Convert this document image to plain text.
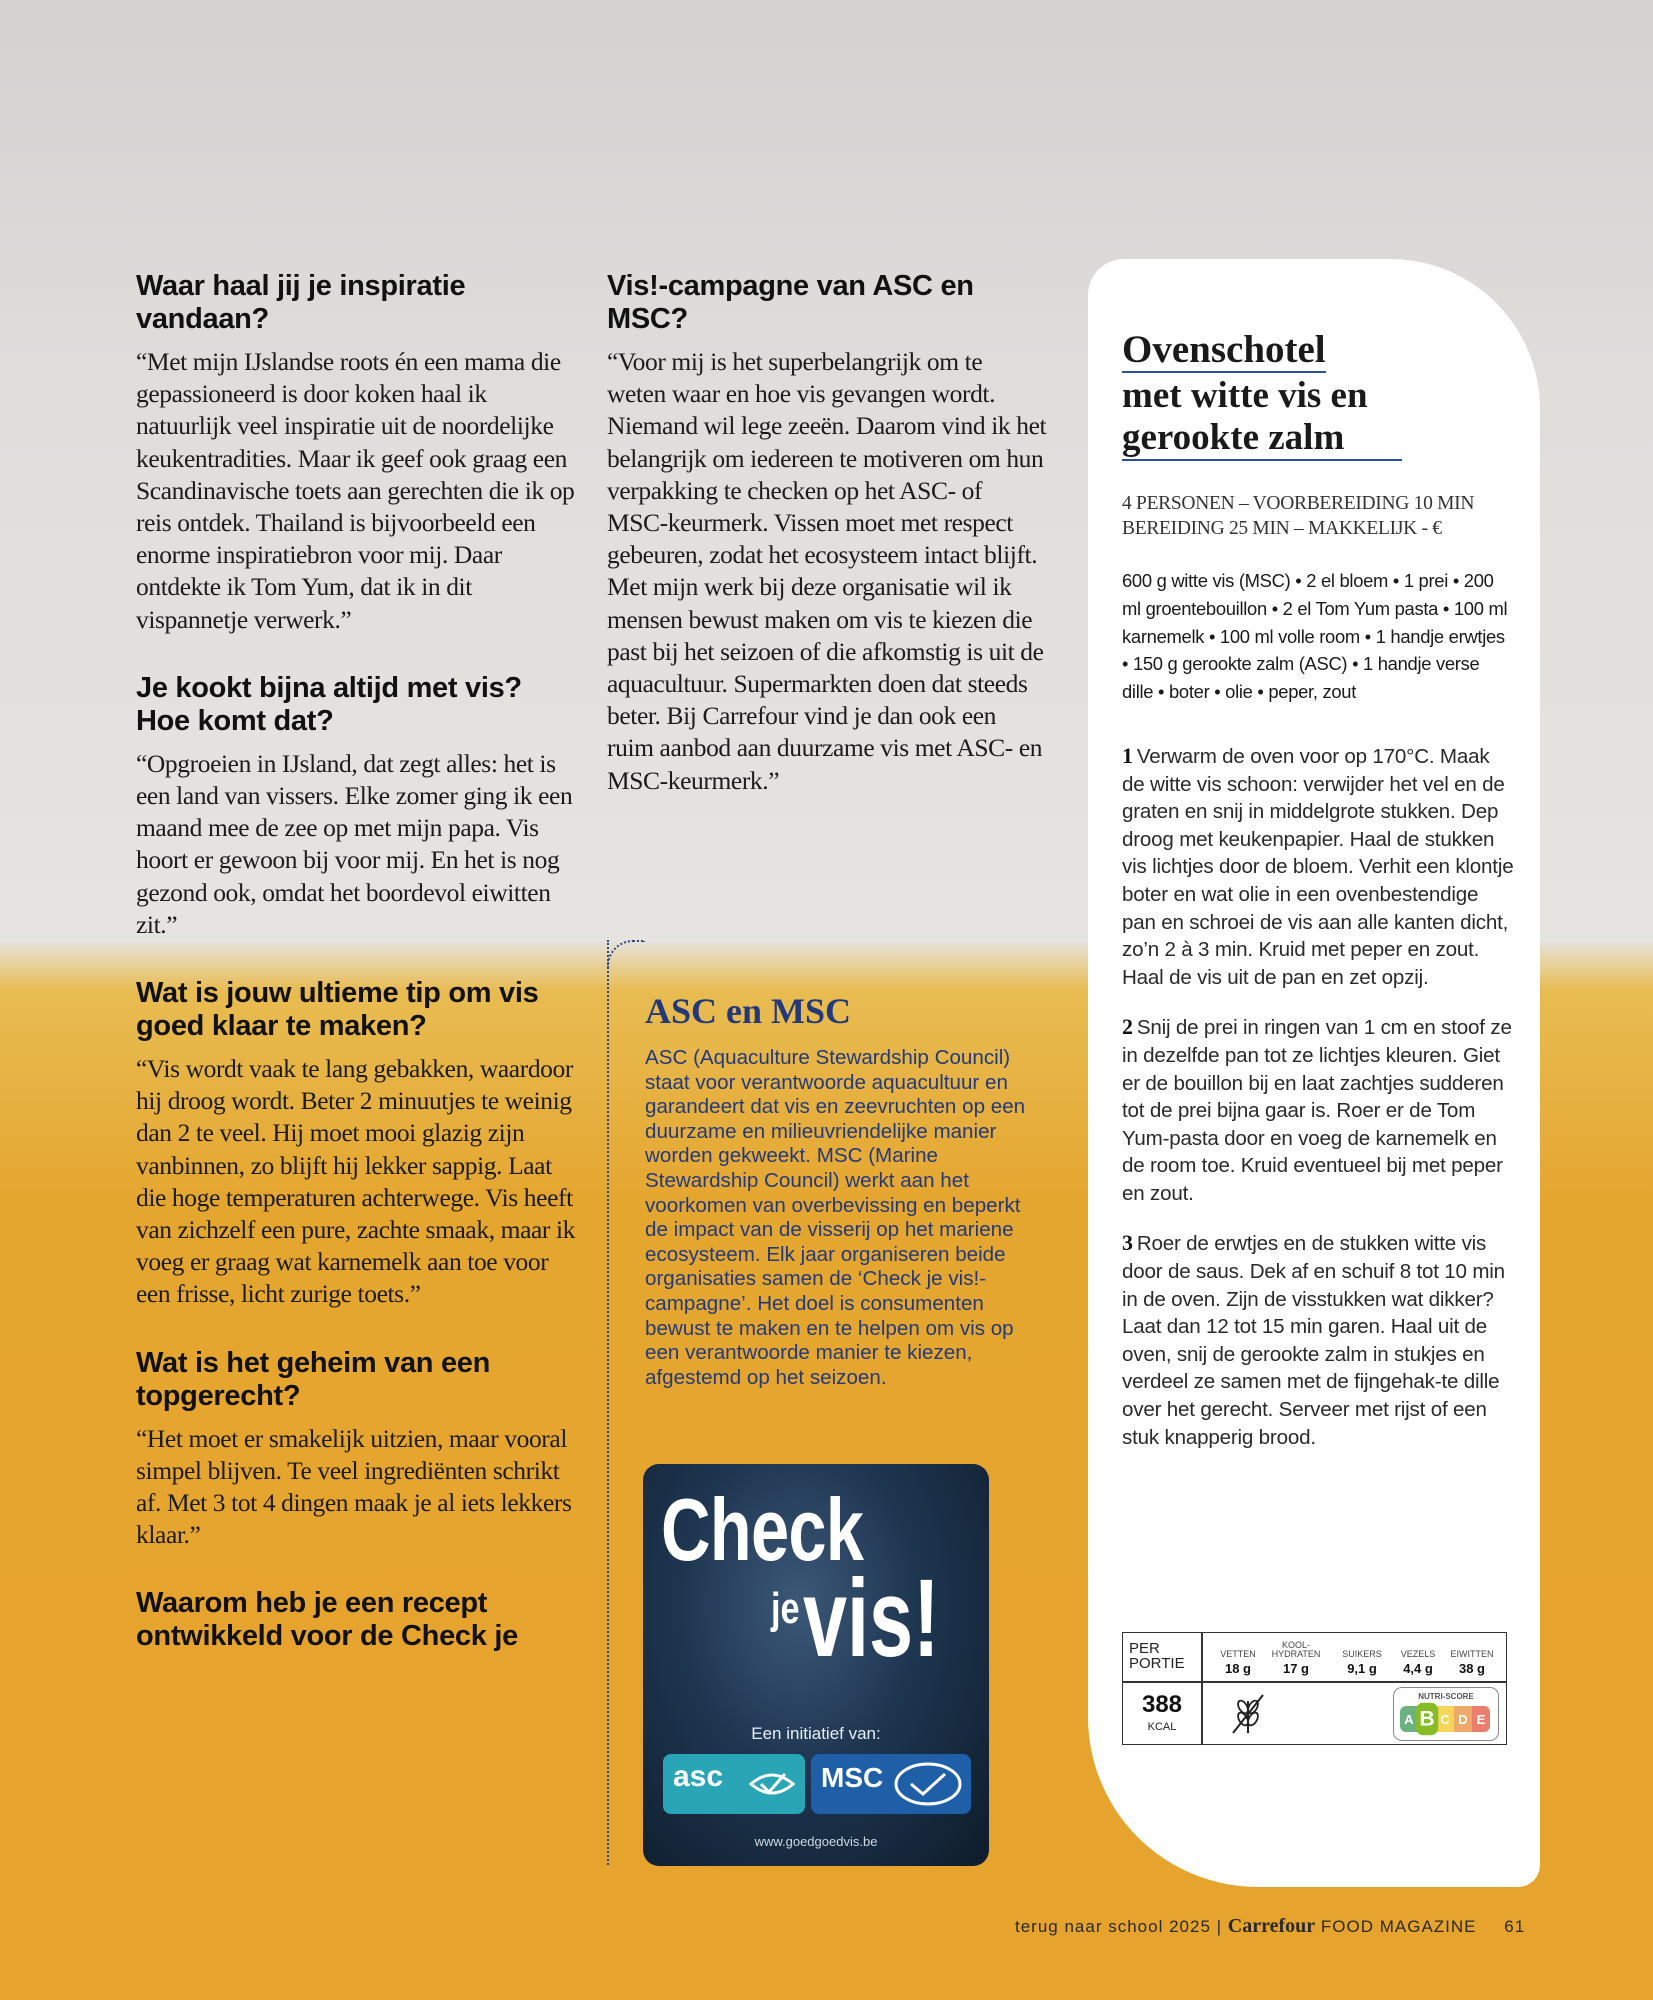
Waar haal jij je inspiratie vandaan?

“Met mijn IJslandse roots én een mama die gepassioneerd is door koken haal ik natuurlijk veel inspiratie uit de noordelijke keukentradities. Maar ik geef ook graag een Scandinavische toets aan gerechten die ik op reis ontdek. Thailand is bijvoorbeeld een enorme inspiratiebron voor mij. Daar ontdekte ik Tom Yum, dat ik in dit vispannetje verwerk.”

Je kookt bijna altijd met vis? Hoe komt dat?

“Opgroeien in IJsland, dat zegt alles: het is een land van vissers. Elke zomer ging ik een maand mee de zee op met mijn papa. Vis hoort er gewoon bij voor mij. En het is nog gezond ook, omdat het boordevol eiwitten zit.”

Wat is jouw ultieme tip om vis goed klaar te maken?

“Vis wordt vaak te lang gebakken, waardoor hij droog wordt. Beter 2 minuutjes te weinig dan 2 te veel. Hij moet mooi glazig zijn vanbinnen, zo blijft hij lekker sappig. Laat die hoge temperaturen achterwege. Vis heeft van zichzelf een pure, zachte smaak, maar ik voeg er graag wat karnemelk aan toe voor een frisse, licht zurige toets.”

Wat is het geheim van een topgerecht?

“Het moet er smakelijk uitzien, maar vooral simpel blijven. Te veel ingrediënten schrikt af. Met 3 tot 4 dingen maak je al iets lekkers klaar.”

Waarom heb je een recept ontwikkeld voor de Check je
Vis!-campagne van ASC en MSC?

“Voor mij is het superbelangrijk om te weten waar en hoe vis gevangen wordt. Niemand wil lege zeeën. Daarom vind ik het belangrijk om iedereen te motiveren om hun verpakking te checken op het ASC- of MSC-keurmerk. Vissen moet met respect gebeuren, zodat het ecosysteem intact blijft. Met mijn werk bij deze organisatie wil ik mensen bewust maken om vis te kiezen die past bij het seizoen of die afkomstig is uit de aquacultuur. Supermarkten doen dat steeds beter. Bij Carrefour vind je dan ook een ruim aanbod aan duurzame vis met ASC- en MSC-keurmerk.”

ASC en MSC
ASC (Aquaculture Stewardship Council) staat voor verantwoorde aquacultuur en garandeert dat vis en zeevruchten op een duurzame en milieuvriendelijke manier worden gekweekt. MSC (Marine Stewardship Council) werkt aan het voorkomen van overbevissing en beperkt de impact van de visserij op het mariene ecosysteem. Elk jaar organiseren beide organisaties samen de ‘Check je vis!-campagne’. Het doel is consumenten bewust te maken en te helpen om vis op een verantwoorde manier te kiezen, afgestemd op het seizoen.
Check
je vis!
Een initiatief van:
asc	MSC
www.goedgoedvis.be
Ovenschotel
met witte vis en gerookte zalm
4 PERSONEN – VOORBEREIDING 10 MIN
BEREIDING 25 MIN – MAKKELIJK - €
600 g witte vis (MSC) • 2 el bloem • 1 prei • 200 ml groentebouillon • 2 el Tom Yum pasta • 100 ml karnemelk • 100 ml volle room • 1 handje erwtjes • 150 g gerookte zalm (ASC) • 1 handje verse dille • boter • olie • peper, zout
1 Verwarm de oven voor op 170°C. Maak de witte vis schoon: verwijder het vel en de graten en snij in middelgrote stukken. Dep droog met keukenpapier. Haal de stukken vis lichtjes door de bloem. Verhit een klontje boter en wat olie in een ovenbestendige pan en schroei de vis aan alle kanten dicht, zo’n 2 à 3 min. Kruid met peper en zout. Haal de vis uit de pan en zet opzij.
2 Snij de prei in ringen van 1 cm en stoof ze in dezelfde pan tot ze lichtjes kleuren. Giet er de bouillon bij en laat zachtjes sudderen tot de prei bijna gaar is. Roer er de Tom Yum-pasta door en voeg de karnemelk en de room toe. Kruid eventueel bij met peper en zout.
3 Roer de erwtjes en de stukken witte vis door de saus. Dek af en schuif 8 tot 10 min in de oven. Zijn de visstukken wat dikker? Laat dan 12 tot 15 min garen. Haal uit de oven, snij de gerookte zalm in stukjes en verdeel ze samen met de fijngehak-te dille over het gerecht. Serveer met rijst of een stuk knapperig brood.
PER
PORTIE
388
KCAL
VETTEN
18 g
KOOL-HYDRATEN
17 g
SUIKERS
9,1 g
VEZELS
4,4 g
EIWITTEN
38 g
NUTRI-SCORE
A B C D E
terug naar school 2025 | Carrefour FOOD MAGAZINE 61
